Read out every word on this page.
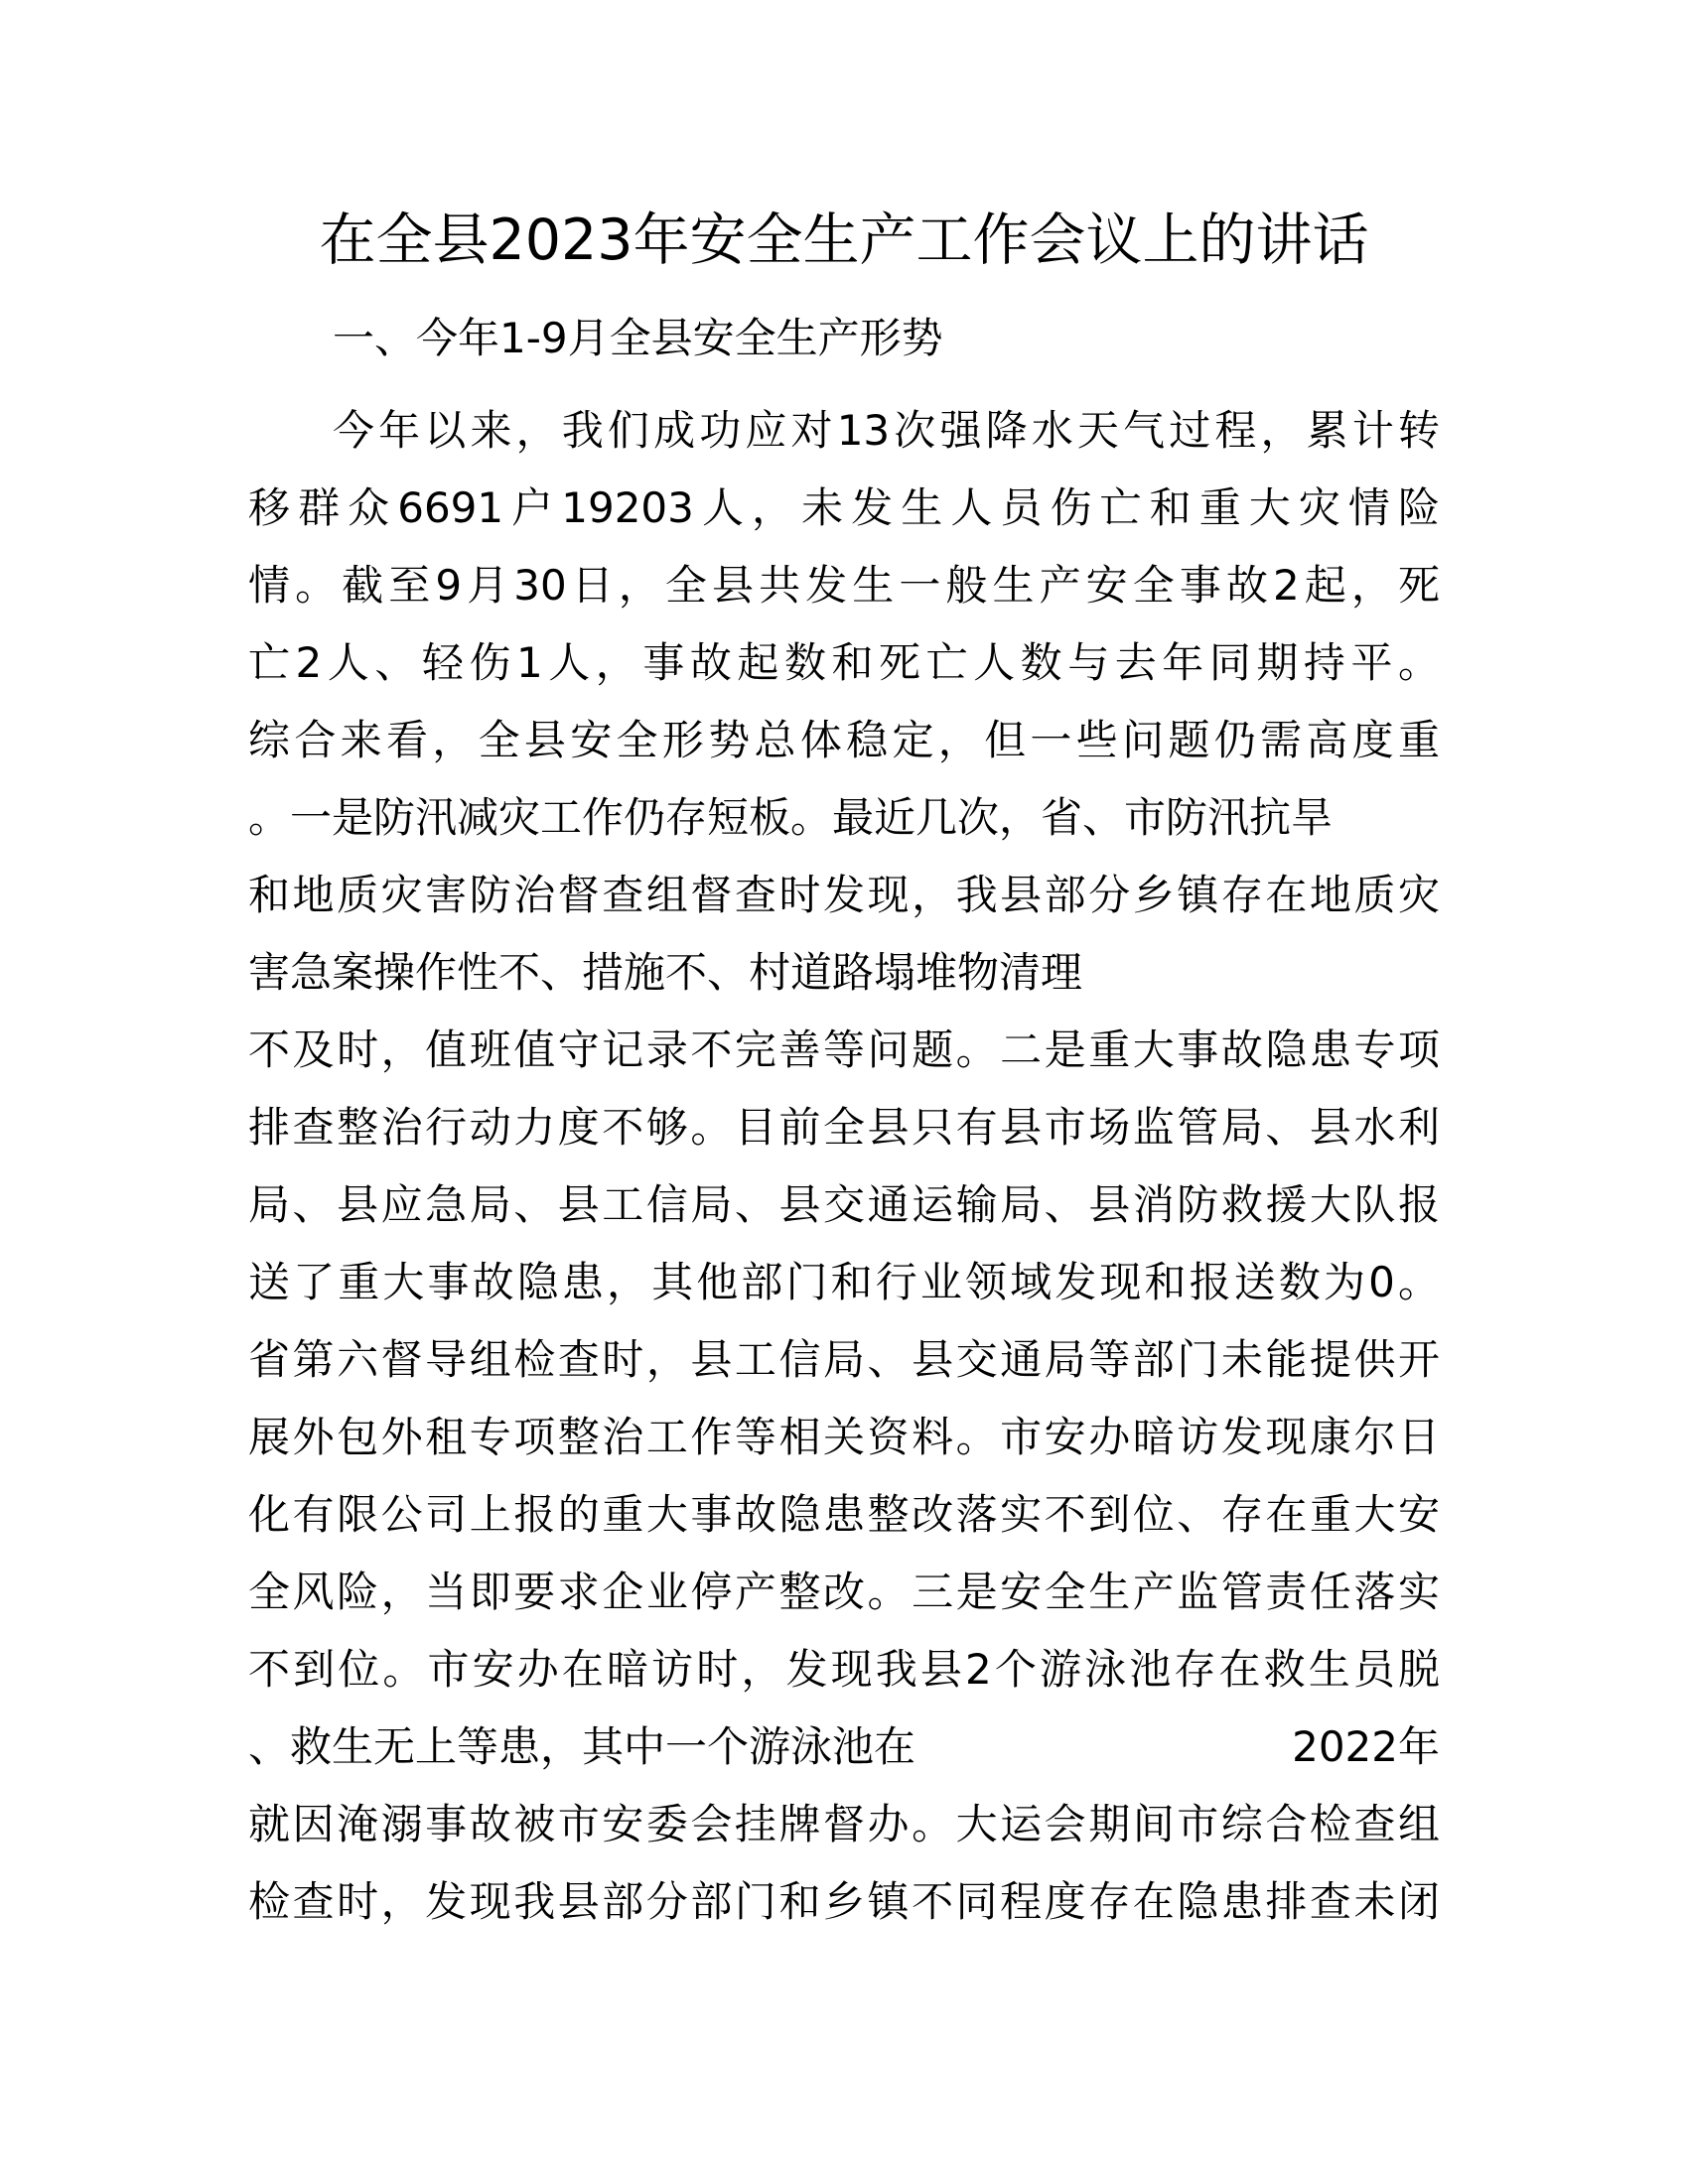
在全县2023年安全生产工作会议上的讲话
一、今年1-9月全县安全生产形势
今年以来，我们成功应对13次强降水天气过程，累计转
移群众6691户19203人，未发生人员伤亡和重大灾情险
情。截至9月30日，全县共发生一般生产安全事故2起，死
亡2人、轻伤1人，事故起数和死亡人数与去年同期持平。
综合来看，全县安全形势总体稳定，但一些问题仍需高度重
。一是防汛减灾工作仍存短板。最近几次，省、市防汛抗旱
和地质灾害防治督查组督查时发现，我县部分乡镇存在地质灾
害急案操作性不、措施不、村道路塌堆物清理
不及时，值班值守记录不完善等问题。二是重大事故隐患专项
排查整治行动力度不够。目前全县只有县市场监管局、县水利
局、县应急局、县工信局、县交通运输局、县消防救援大队报
送了重大事故隐患，其他部门和行业领域发现和报送数为0。
省第六督导组检查时，县工信局、县交通局等部门未能提供开
展外包外租专项整治工作等相关资料。市安办暗访发现康尔日
化有限公司上报的重大事故隐患整改落实不到位、存在重大安
全风险，当即要求企业停产整改。三是安全生产监管责任落实
不到位。市安办在暗访时，发现我县2个游泳池存在救生员脱
、救生无上等患，其中一个游泳池在	2022年
就因淹溺事故被市安委会挂牌督办。大运会期间市综合检查组
检查时，发现我县部分部门和乡镇不同程度存在隐患排查未闭
